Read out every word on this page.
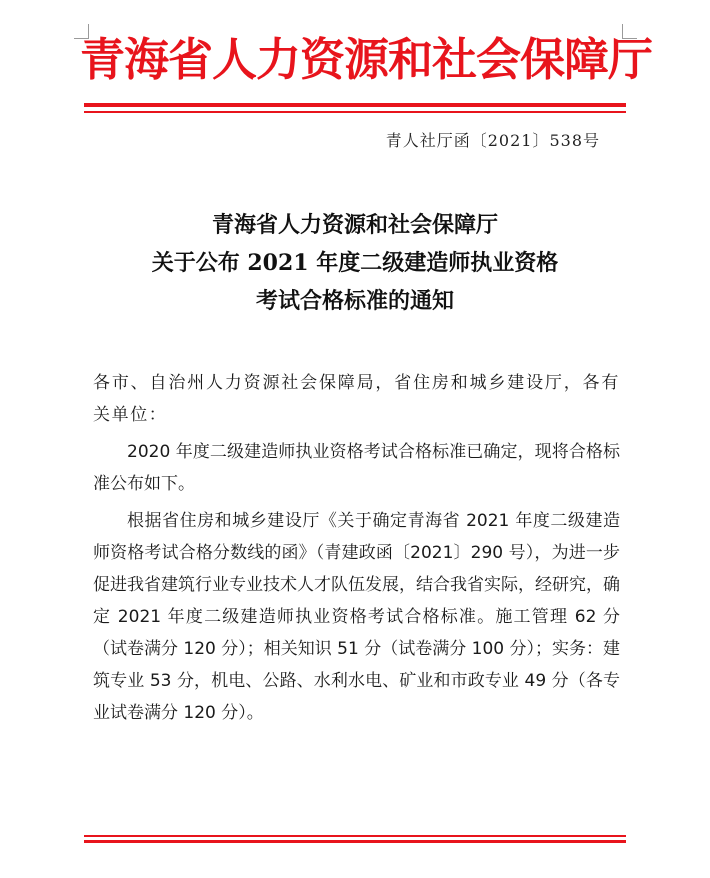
青海省人力资源和社会保障厅
青人社厅函〔2021〕538号
青海省人力资源和社会保障厅
关于公布 2021 年度二级建造师执业资格
考试合格标准的通知

各市、自治州人力资源社会保障局，省住房和城乡建设厅，各有关单位：

2020 年度二级建造师执业资格考试合格标准已确定，现将合格标准公布如下。

根据省住房和城乡建设厅《关于确定青海省 2021 年度二级建造师资格考试合格分数线的函》（青建政函〔2021〕290 号），为进一步促进我省建筑行业专业技术人才队伍发展，结合我省实际，经研究，确定 2021 年度二级建造师执业资格考试合格标准。施工管理 62 分（试卷满分 120 分）；相关知识 51 分（试卷满分 100 分）；实务：建筑专业 53 分，机电、公路、水利水电、矿业和市政专业 49 分（各专业试卷满分 120 分）。
